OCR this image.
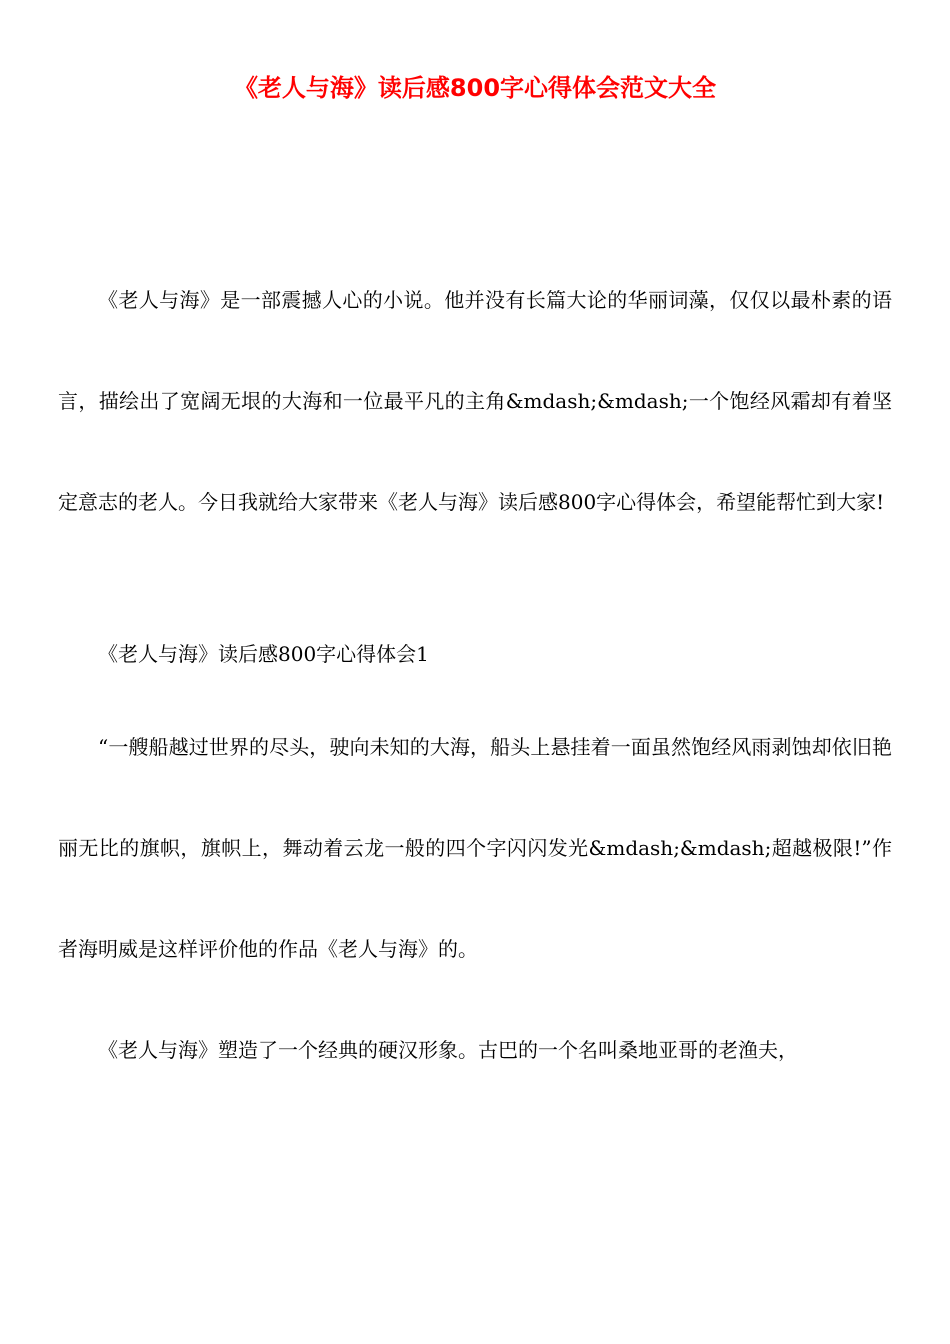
《老人与海》读后感800字心得体会范文大全

《老人与海》是一部震撼人心的小说。他并没有长篇大论的华丽词藻，仅仅以最朴素的语言，描绘出了宽阔无垠的大海和一位最平凡的主角&mdash;&mdash;一个饱经风霜却有着坚定意志的老人。今日我就给大家带来《老人与海》读后感800字心得体会，希望能帮忙到大家!

《老人与海》读后感800字心得体会1

“一艘船越过世界的尽头，驶向未知的大海，船头上悬挂着一面虽然饱经风雨剥蚀却依旧艳丽无比的旗帜，旗帜上，舞动着云龙一般的四个字闪闪发光&mdash;&mdash;超越极限!”作者海明威是这样评价他的作品《老人与海》的。

《老人与海》塑造了一个经典的硬汉形象。古巴的一个名叫桑地亚哥的老渔夫，
